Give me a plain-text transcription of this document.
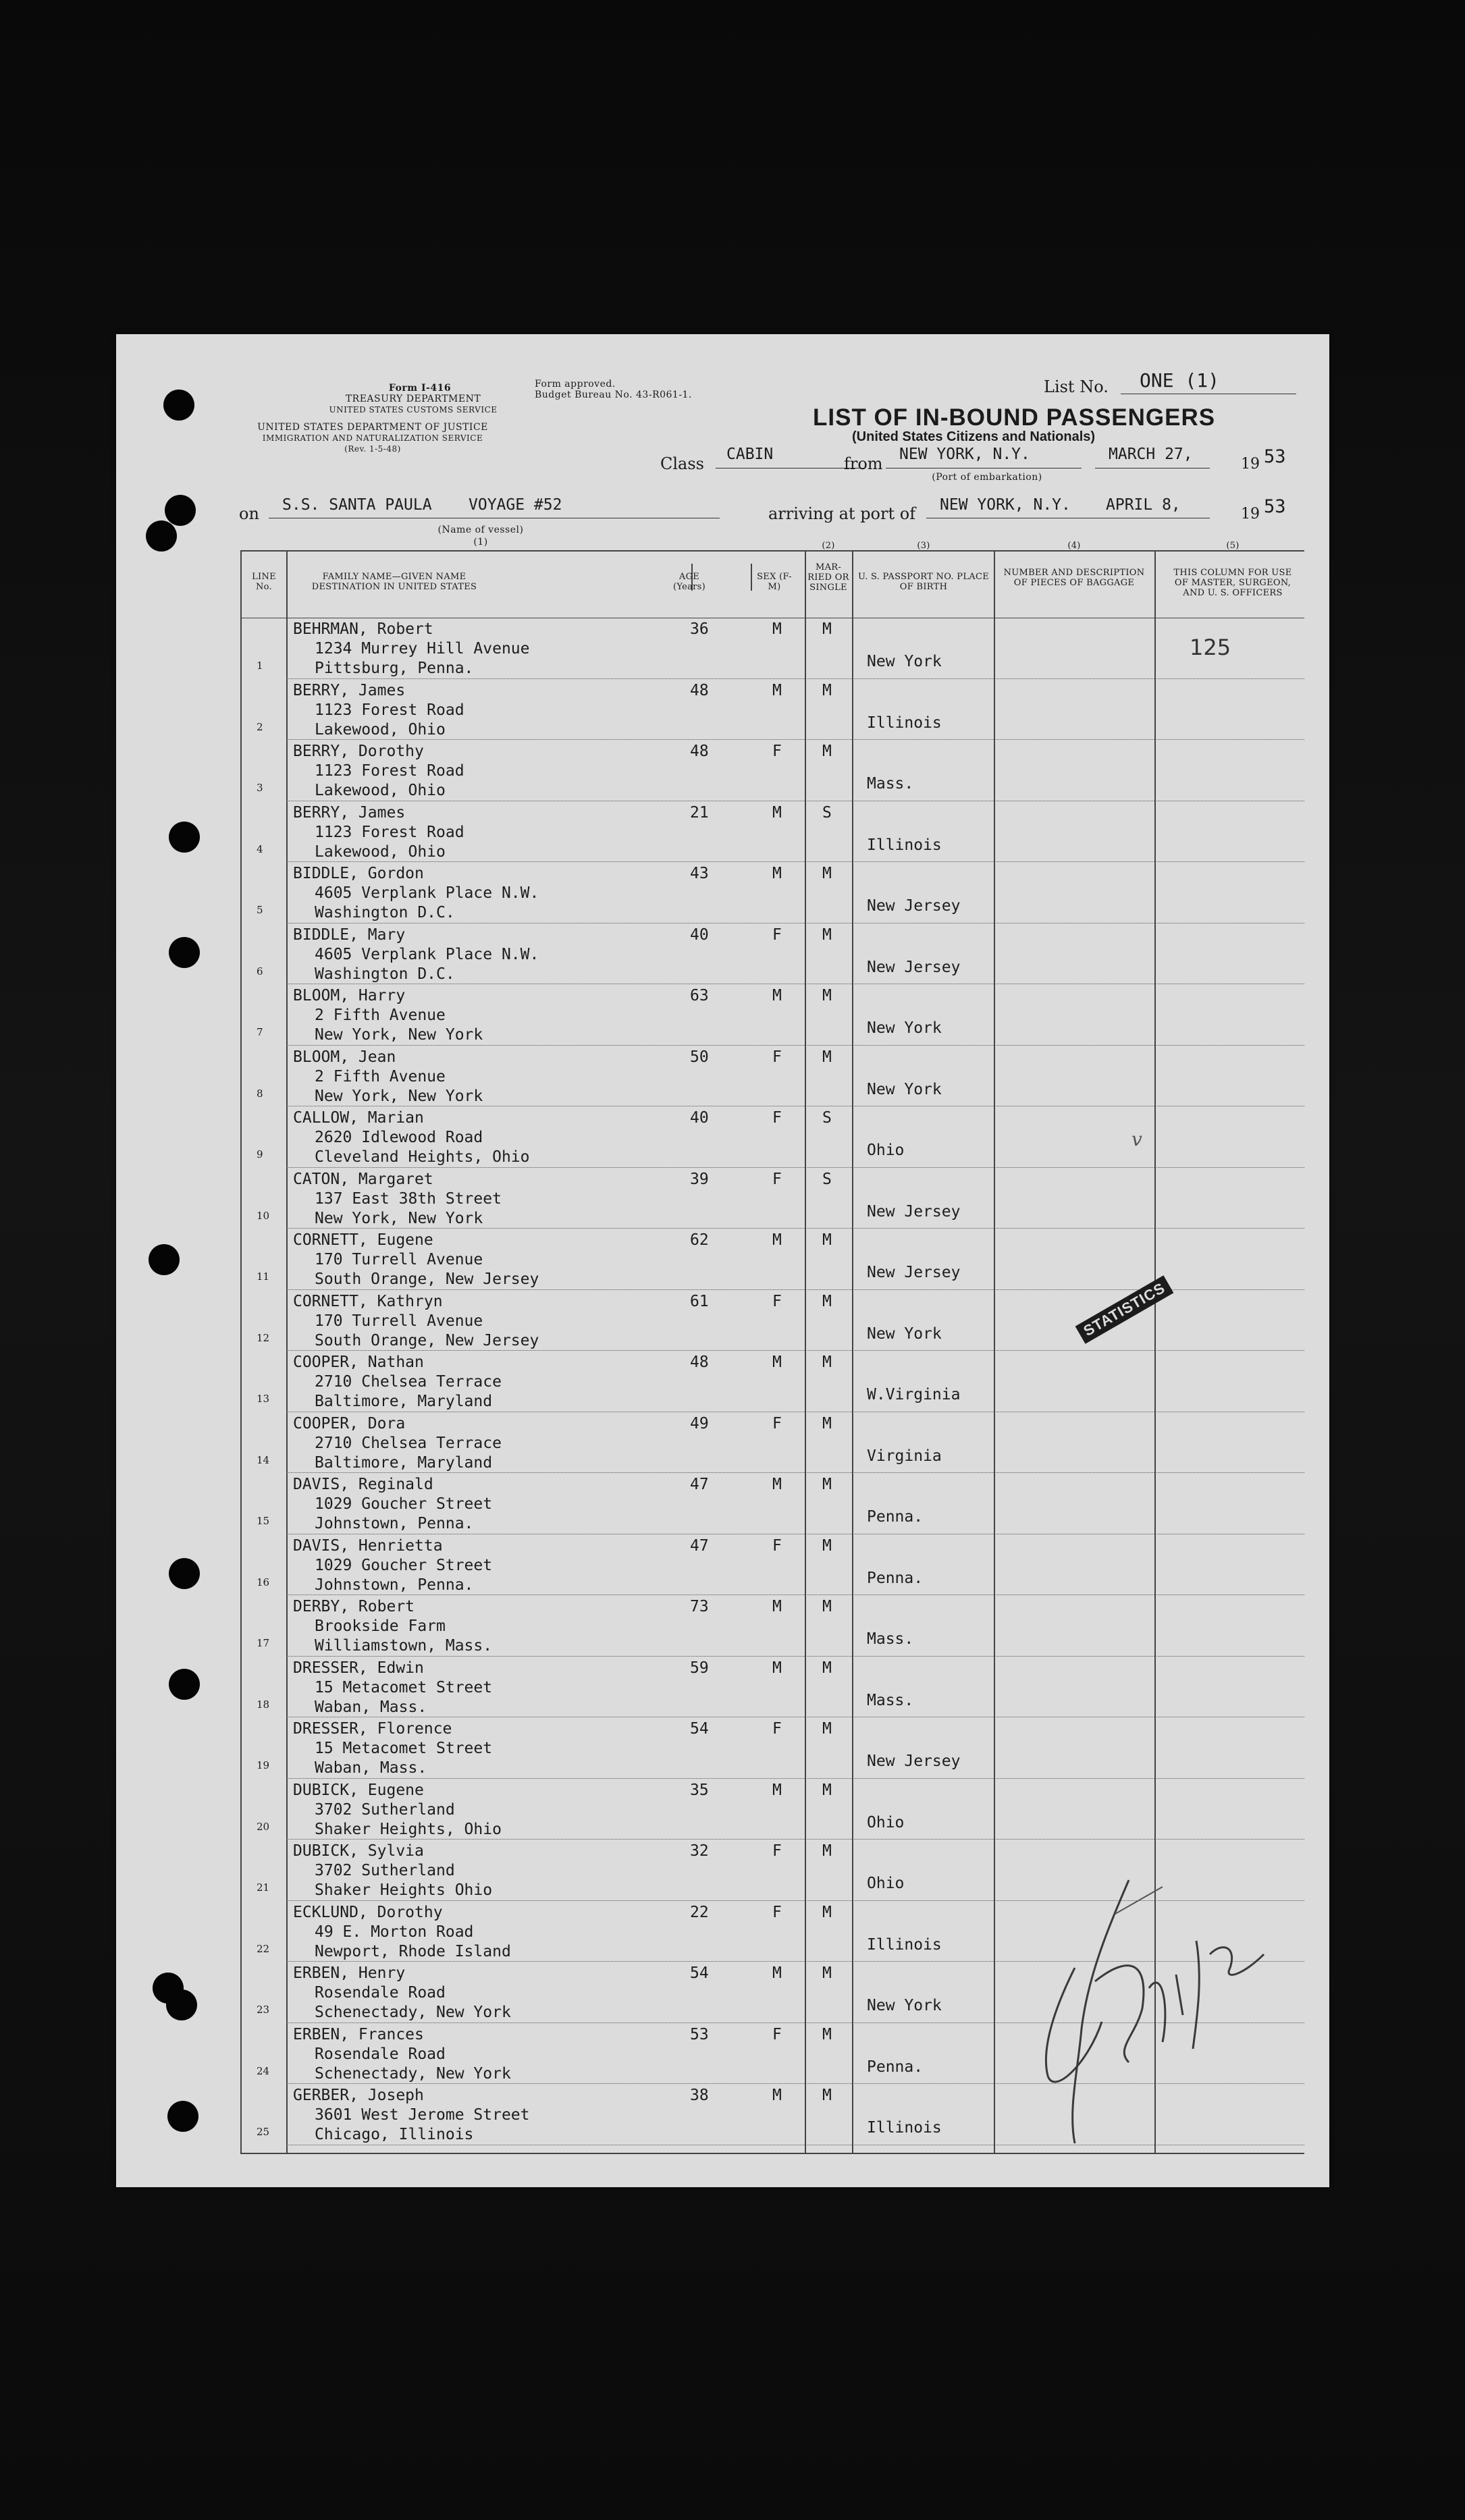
Form I-416
TREASURY DEPARTMENT
UNITED STATES CUSTOMS SERVICE
UNITED STATES DEPARTMENT OF JUSTICE
IMMIGRATION AND NATURALIZATION SERVICE
(Rev. 1-5-48)
Form approved.
Budget Bureau No. 43-R061-1.	List No. ONE (1)
LIST OF IN-BOUND PASSENGERS
(United States Citizens and Nationals)
Class CABIN	from NEW YORK, N.Y.
(Port of embarkation)
MARCH 27,
19 53
on S.S. SANTA PAULA VOYAGE #52
(Name of vessel)
(1)
arriving at port of NEW YORK, N.Y. APRIL 8,
19 53
LINE No.
FAMILY NAME—GIVEN NAME DESTINATION IN UNITED STATES
AGE (Years)
SEX (F-M)
MAR-RIED OR SINGLE
U. S. PASSPORT NO. PLACE OF BIRTH
NUMBER AND DESCRIPTION OF PIECES OF BAGGAGE
THIS COLUMN FOR USE OF MASTER, SURGEON, AND U. S. OFFICERS
(2)	(3)	(4)	(5)
1
BEHRMAN, Robert
1234 Murrey Hill Avenue
Pittsburg, Penna.
36	M	M
New York
2
BERRY, James
1123 Forest Road
Lakewood, Ohio
48	M	M
Illinois
3
BERRY, Dorothy
1123 Forest Road
Lakewood, Ohio
48	F	M
Mass.
4
BERRY, James
1123 Forest Road
Lakewood, Ohio
21	M	S
Illinois
5
BIDDLE, Gordon
4605 Verplank Place N.W.
Washington D.C.
43	M	M
New Jersey
6
BIDDLE, Mary
4605 Verplank Place N.W.
Washington D.C.
40	F	M
New Jersey
7
BLOOM, Harry
2 Fifth Avenue
New York, New York
63	M	M
New York
8
BLOOM, Jean
2 Fifth Avenue
New York, New York
50	F	M
New York
9
CALLOW, Marian
2620 Idlewood Road
Cleveland Heights, Ohio
40	F	S
Ohio
10
CATON, Margaret
137 East 38th Street
New York, New York
39	F	S
New Jersey
11
CORNETT, Eugene
170 Turrell Avenue
South Orange, New Jersey
62	M	M
New Jersey
12
CORNETT, Kathryn
170 Turrell Avenue
South Orange, New Jersey
61	F	M
New York
13
COOPER, Nathan
2710 Chelsea Terrace
Baltimore, Maryland
48	M	M
W.Virginia
14
COOPER, Dora
2710 Chelsea Terrace
Baltimore, Maryland
49	F	M
Virginia
15
DAVIS, Reginald
1029 Goucher Street
Johnstown, Penna.
47	M	M
Penna.
16
DAVIS, Henrietta
1029 Goucher Street
Johnstown, Penna.
47	F	M
Penna.
17
DERBY, Robert
Brookside Farm
Williamstown, Mass.
73	M	M
Mass.
18
DRESSER, Edwin
15 Metacomet Street
Waban, Mass.
59	M	M
Mass.
19
DRESSER, Florence
15 Metacomet Street
Waban, Mass.
54	F	M
New Jersey
20
DUBICK, Eugene
3702 Sutherland
Shaker Heights, Ohio
35	M	M
Ohio
21
DUBICK, Sylvia
3702 Sutherland
Shaker Heights Ohio
32	F	M
Ohio
22
ECKLUND, Dorothy
49 E. Morton Road
Newport, Rhode Island
22	F	M
Illinois
23
ERBEN, Henry
Rosendale Road
Schenectady, New York
54	M	M
New York
24
ERBEN, Frances
Rosendale Road
Schenectady, New York
53	F	M
Penna.
25
GERBER, Joseph
3601 West Jerome Street
Chicago, Illinois
38	M	M
Illinois
125
v
STATISTICS
